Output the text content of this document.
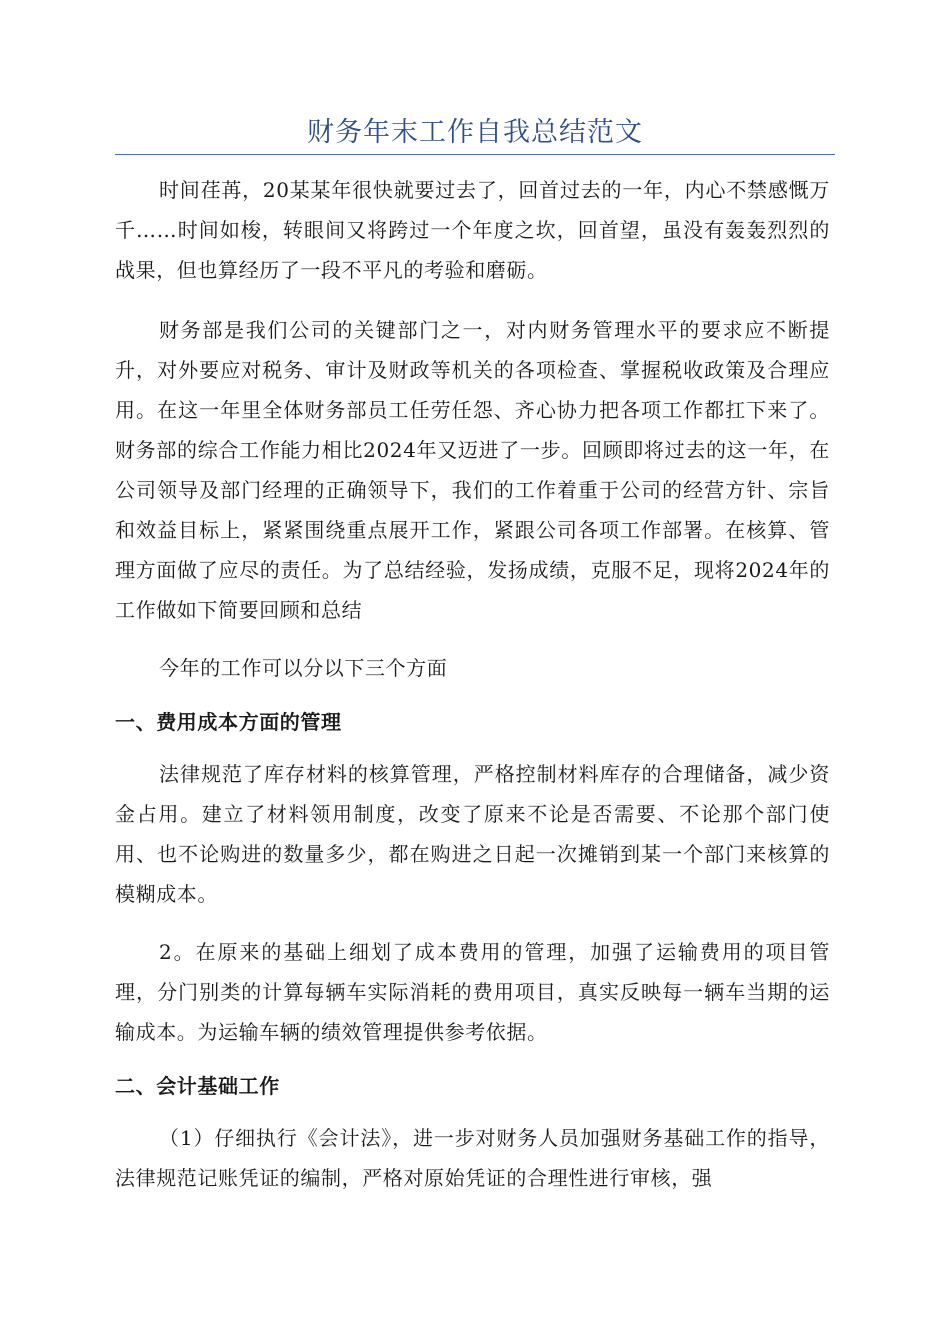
财务年末工作自我总结范文

时间荏苒，20某某年很快就要过去了，回首过去的一年，内心不禁感慨万千……时间如梭，转眼间又将跨过一个年度之坎，回首望，虽没有轰轰烈烈的战果，但也算经历了一段不平凡的考验和磨砺。

财务部是我们公司的关键部门之一，对内财务管理水平的要求应不断提升，对外要应对税务、审计及财政等机关的各项检查、掌握税收政策及合理应用。在这一年里全体财务部员工任劳任怨、齐心协力把各项工作都扛下来了。财务部的综合工作能力相比2024年又迈进了一步。回顾即将过去的这一年，在公司领导及部门经理的正确领导下，我们的工作着重于公司的经营方针、宗旨和效益目标上，紧紧围绕重点展开工作，紧跟公司各项工作部署。在核算、管理方面做了应尽的责任。为了总结经验，发扬成绩，克服不足，现将2024年的工作做如下简要回顾和总结

今年的工作可以分以下三个方面

一、费用成本方面的管理

法律规范了库存材料的核算管理，严格控制材料库存的合理储备，减少资金占用。建立了材料领用制度，改变了原来不论是否需要、不论那个部门使用、也不论购进的数量多少，都在购进之日起一次摊销到某一个部门来核算的模糊成本。

2。在原来的基础上细划了成本费用的管理，加强了运输费用的项目管理，分门别类的计算每辆车实际消耗的费用项目，真实反映每一辆车当期的运输成本。为运输车辆的绩效管理提供参考依据。

二、会计基础工作

（1）仔细执行《会计法》，进一步对财务人员加强财务基础工作的指导，法律规范记账凭证的编制，严格对原始凭证的合理性进行审核，强
